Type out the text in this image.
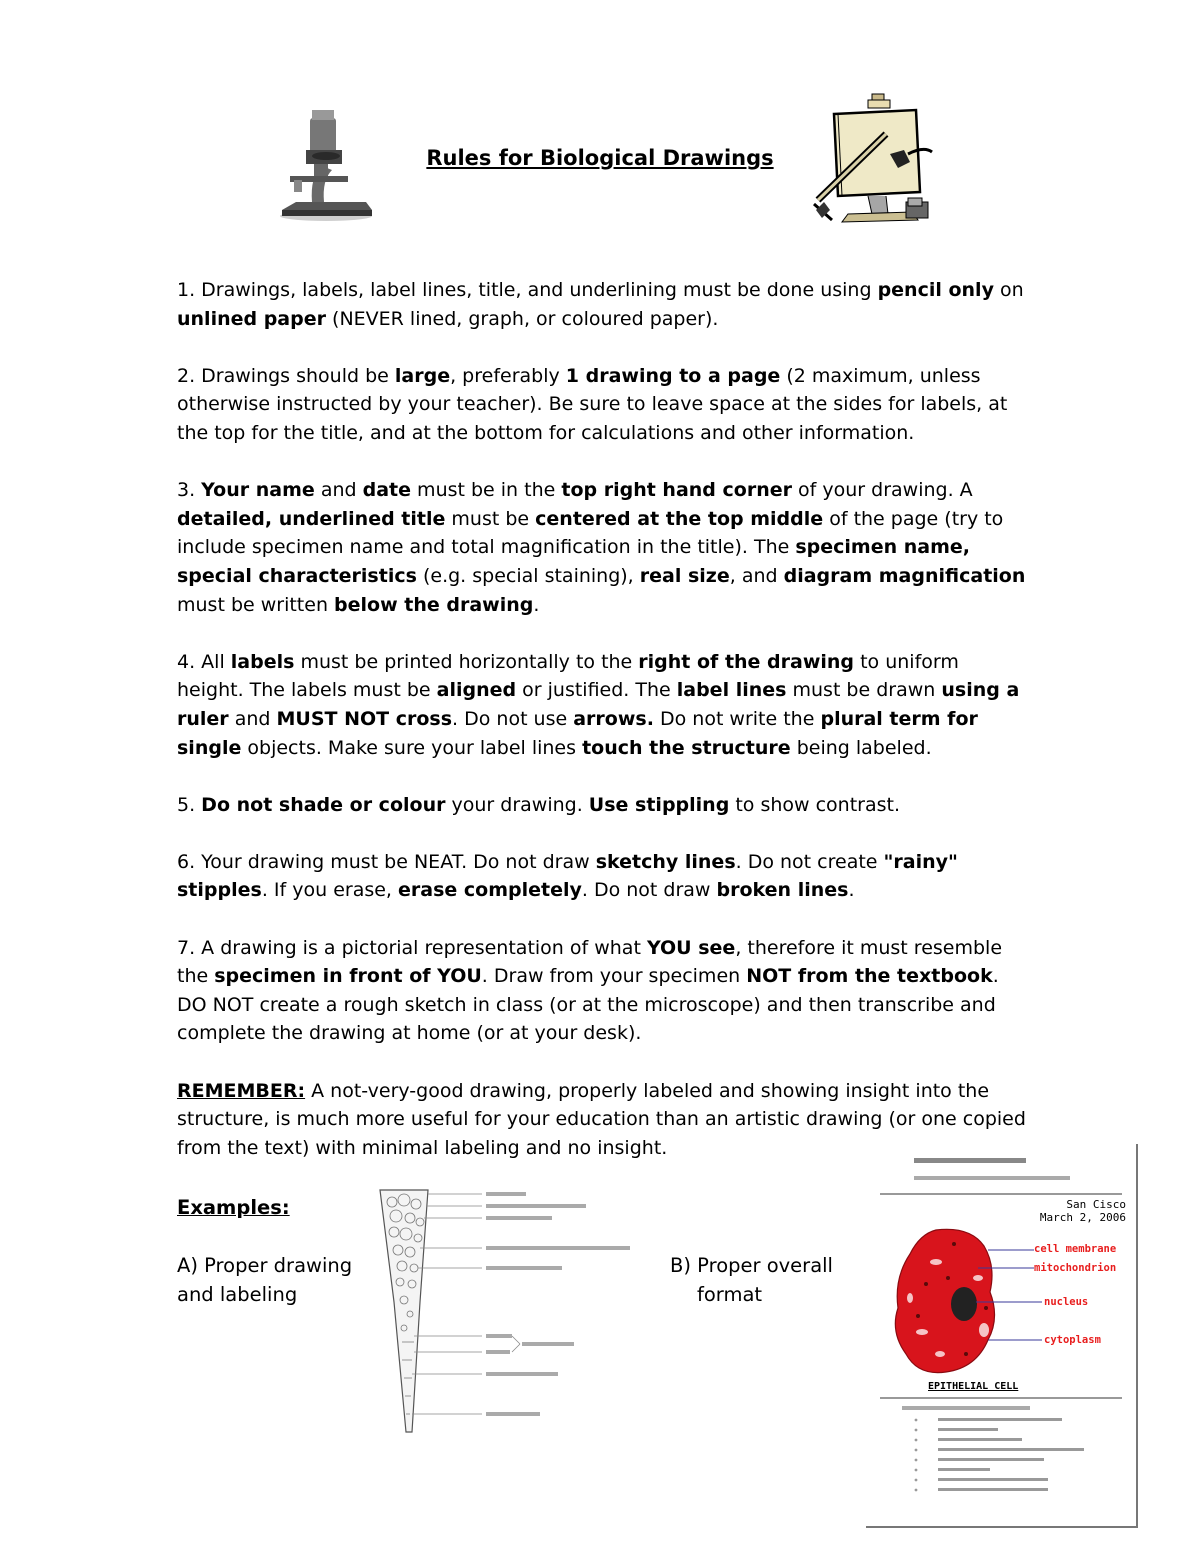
Rules for Biological Drawings

1. Drawings, labels, label lines, title, and underlining must be done using pencil only on unlined paper (NEVER lined, graph, or coloured paper).

2. Drawings should be large, preferably 1 drawing to a page (2 maximum, unless otherwise instructed by your teacher). Be sure to leave space at the sides for labels, at the top for the title, and at the bottom for calculations and other information.

3. Your name and date must be in the top right hand corner of your drawing. A detailed, underlined title must be centered at the top middle of the page (try to include specimen name and total magnification in the title). The specimen name, special characteristics (e.g. special staining), real size, and diagram magnification must be written below the drawing.

4. All labels must be printed horizontally to the right of the drawing to uniform height. The labels must be aligned or justified. The label lines must be drawn using a ruler and MUST NOT cross. Do not use arrows. Do not write the plural term for single objects. Make sure your label lines touch the structure being labeled.

5. Do not shade or colour your drawing. Use stippling to show contrast.

6. Your drawing must be NEAT. Do not draw sketchy lines. Do not create "rainy" stipples. If you erase, erase completely. Do not draw broken lines.

7. A drawing is a pictorial representation of what YOU see, therefore it must resemble the specimen in front of YOU. Draw from your specimen NOT from the textbook. DO NOT create a rough sketch in class (or at the microscope) and then transcribe and complete the drawing at home (or at your desk).

REMEMBER: A not-very-good drawing, properly labeled and showing insight into the structure, is much more useful for your education than an artistic drawing (or one copied from the text) with minimal labeling and no insight.

Examples:
A) Proper drawing
and labeling
B) Proper overall
format
San Cisco
March 2, 2006
cell membrane
mitochondrion
nucleus
cytoplasm
EPITHELIAL CELL
